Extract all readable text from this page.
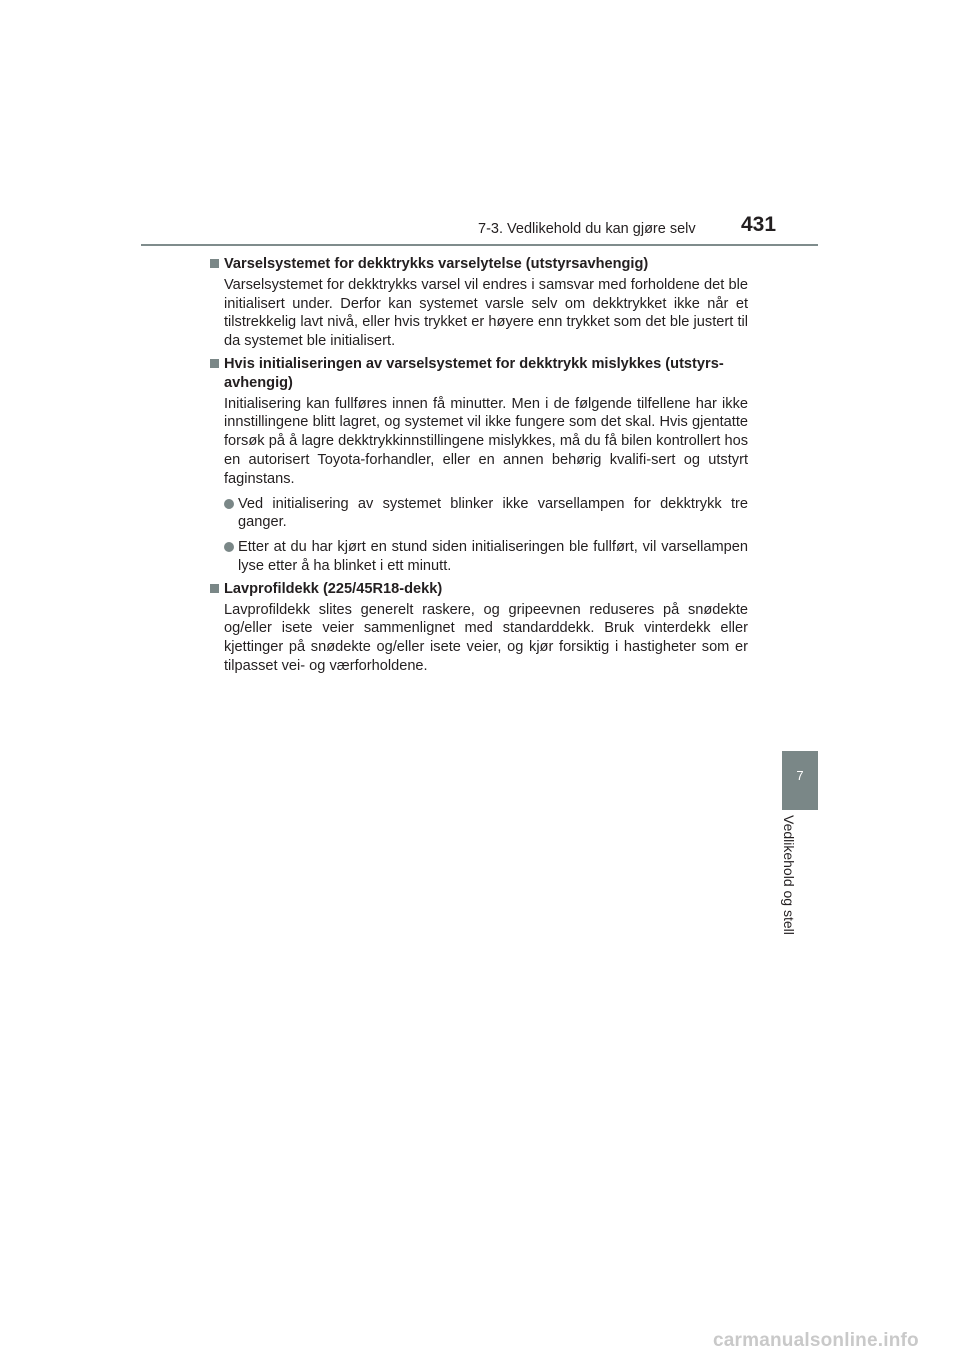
7-3. Vedlikehold du kan gjøre selv 431
Varselsystemet for dekktrykks varselytelse (utstyrsavhengig)
Varselsystemet for dekktrykks varsel vil endres i samsvar med forholdene det ble initialisert under. Derfor kan systemet varsle selv om dekktrykket ikke når et tilstrekkelig lavt nivå, eller hvis trykket er høyere enn trykket som det ble justert til da systemet ble initialisert.
Hvis initialiseringen av varselsystemet for dekktrykk mislykkes (utstyrs-avhengig)
Initialisering kan fullføres innen få minutter. Men i de følgende tilfellene har ikke innstillingene blitt lagret, og systemet vil ikke fungere som det skal. Hvis gjentatte forsøk på å lagre dekktrykkinnstillingene mislykkes, må du få bilen kontrollert hos en autorisert Toyota-forhandler, eller en annen behørig kvalifi-sert og utstyrt faginstans.
Ved initialisering av systemet blinker ikke varsellampen for dekktrykk tre ganger.
Etter at du har kjørt en stund siden initialiseringen ble fullført, vil varsellampen lyse etter å ha blinket i ett minutt.
Lavprofildekk (225/45R18-dekk)
Lavprofildekk slites generelt raskere, og gripeevnen reduseres på snødekte og/eller isete veier sammenlignet med standarddekk. Bruk vinterdekk eller kjettinger på snødekte og/eller isete veier, og kjør forsiktig i hastigheter som er tilpasset vei- og værforholdene.
7
Vedlikehold og stell
carmanualsonline.info
